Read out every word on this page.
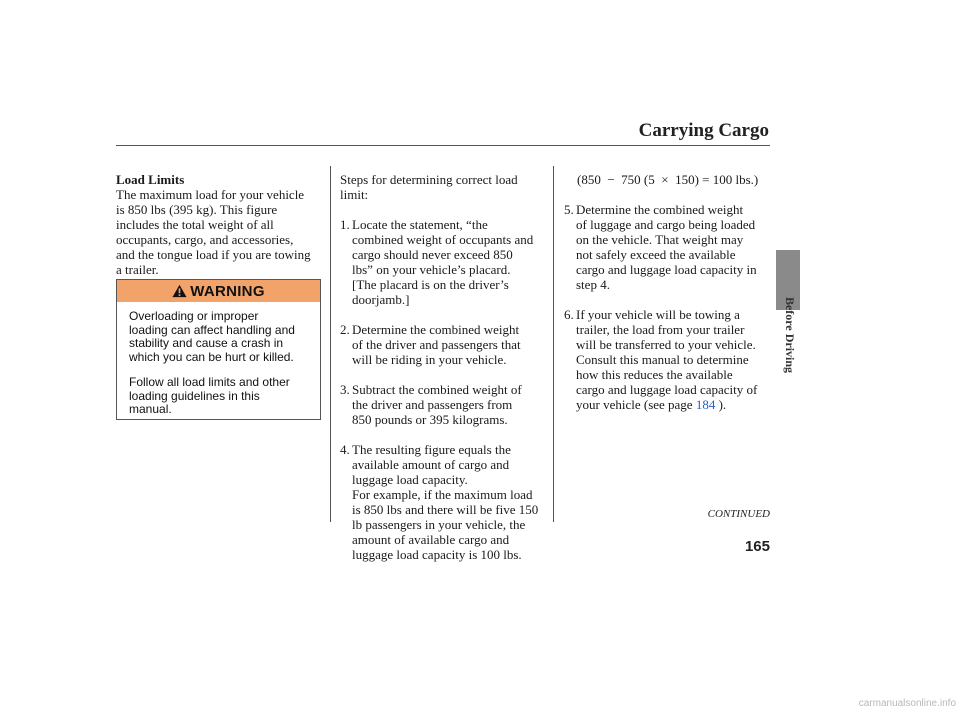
Carrying Cargo
Before Driving
Load Limits

The maximum load for your vehicle
is 850 lbs (395 kg). This figure
includes the total weight of all
occupants, cargo, and accessories,
and the tongue load if you are towing
a trailer.

WARNING

Overloading or improper
loading can affect handling and
stability and cause a crash in
which you can be hurt or killed.

Follow all load limits and other
loading guidelines in this
manual.

Steps for determining correct load
limit:

1. Locate the statement, “the
combined weight of occupants and
cargo should never exceed 850
lbs” on your vehicle’s placard.
[The placard is on the driver’s
doorjamb.]
2. Determine the combined weight
of the driver and passengers that
will be riding in your vehicle.
3. Subtract the combined weight of
the driver and passengers from
850 pounds or 395 kilograms.
4. The resulting figure equals the
available amount of cargo and
luggage load capacity.
For example, if the maximum load
is 850 lbs and there will be five 150
lb passengers in your vehicle, the
amount of available cargo and
luggage load capacity is 100 lbs.
(850  −  750 (5  ×  150) = 100 lbs.)
5. Determine the combined weight
of luggage and cargo being loaded
on the vehicle. That weight may
not safely exceed the available
cargo and luggage load capacity in
step 4.
6. If your vehicle will be towing a
trailer, the load from your trailer
will be transferred to your vehicle.
Consult this manual to determine
how this reduces the available
cargo and luggage load capacity of
your vehicle (see page 184 ).
CONTINUED
165
carmanualsonline.info
